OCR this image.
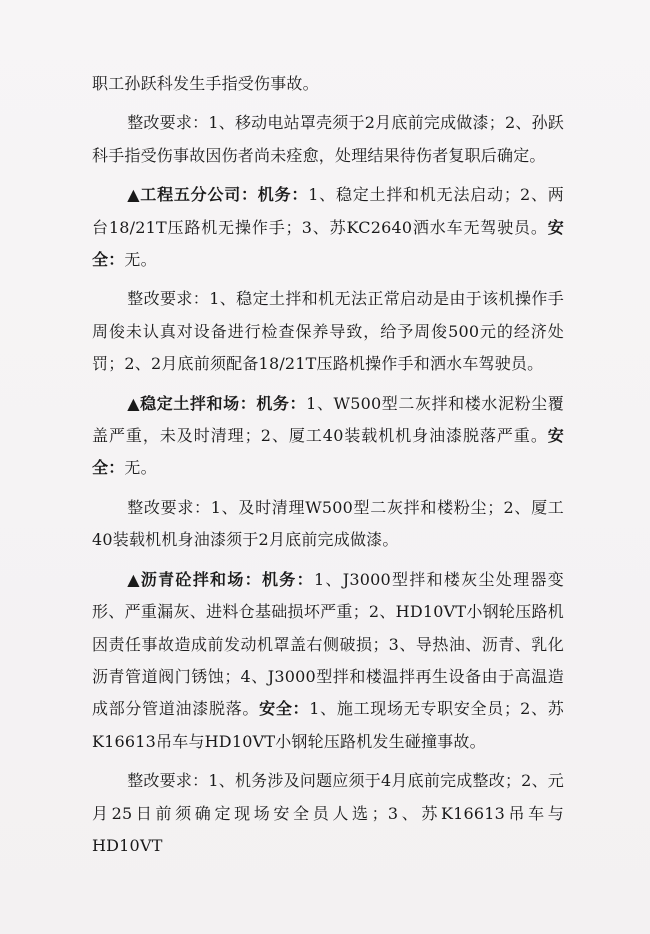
职工孙跃科发生手指受伤事故。

整改要求：1、移动电站罩壳须于2月底前完成做漆；2、孙跃科手指受伤事故因伤者尚未痊愈，处理结果待伤者复职后确定。

▲工程五分公司：机务：1、稳定土拌和机无法启动；2、两台18/21T压路机无操作手；3、苏KC2640洒水车无驾驶员。安全：无。

整改要求：1、稳定土拌和机无法正常启动是由于该机操作手周俊未认真对设备进行检查保养导致，给予周俊500元的经济处罚；2、2月底前须配备18/21T压路机操作手和洒水车驾驶员。

▲稳定土拌和场：机务：1、W500型二灰拌和楼水泥粉尘覆盖严重，未及时清理；2、厦工40装载机机身油漆脱落严重。安全：无。

整改要求：1、及时清理W500型二灰拌和楼粉尘；2、厦工40装载机机身油漆须于2月底前完成做漆。

▲沥青砼拌和场：机务：1、J3000型拌和楼灰尘处理器变形、严重漏灰、进料仓基础损坏严重；2、HD10VT小钢轮压路机因责任事故造成前发动机罩盖右侧破损；3、导热油、沥青、乳化沥青管道阀门锈蚀；4、J3000型拌和楼温拌再生设备由于高温造成部分管道油漆脱落。安全：1、施工现场无专职安全员；2、苏K16613吊车与HD10VT小钢轮压路机发生碰撞事故。

整改要求：1、机务涉及问题应须于4月底前完成整改；2、元月25日前须确定现场安全员人选；3、苏K16613吊车与HD10VT
